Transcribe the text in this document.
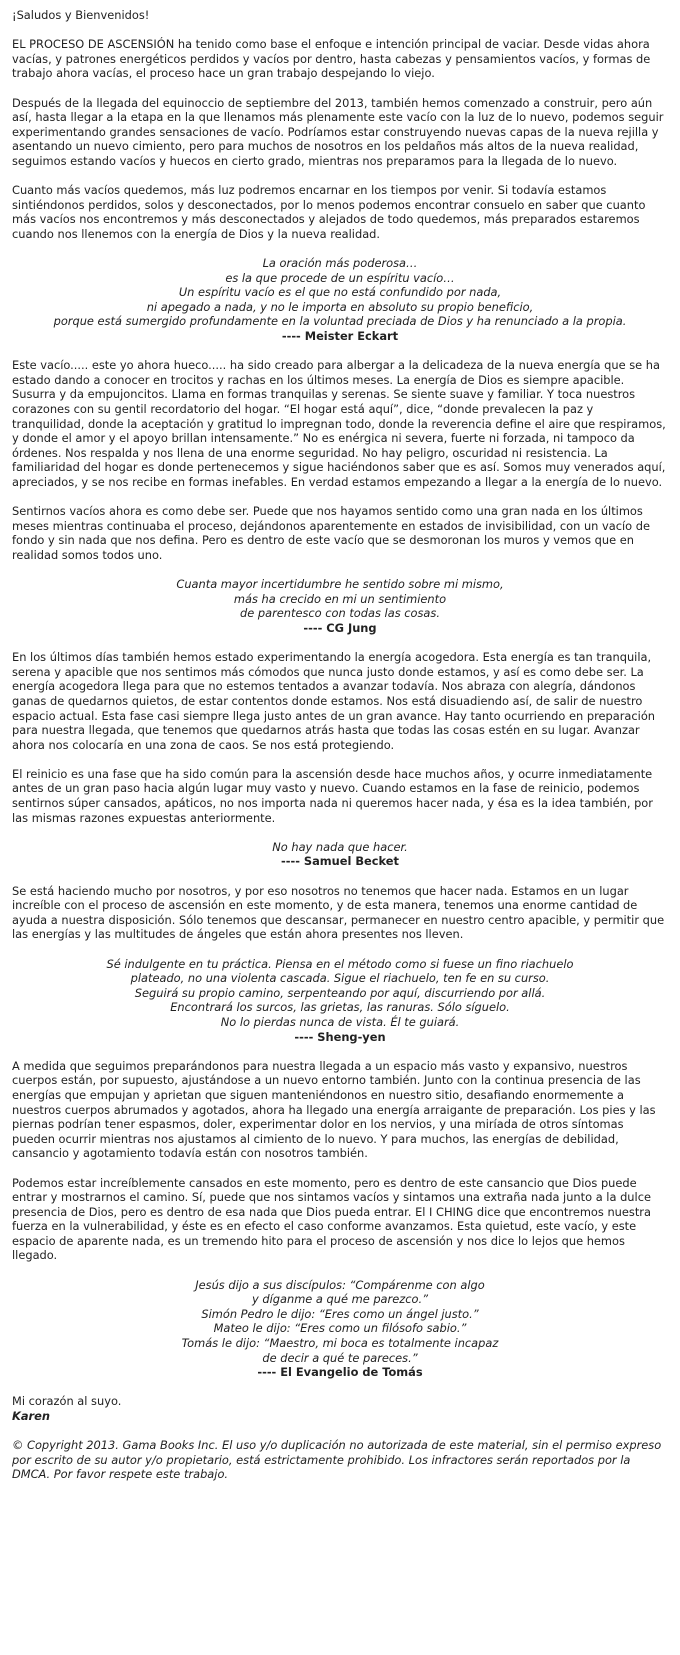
¡Saludos y Bienvenidos!

EL PROCESO DE ASCENSIÓN ha tenido como base el enfoque e intención principal de vaciar. Desde vidas ahora vacías, y patrones energéticos perdidos y vacíos por dentro, hasta cabezas y pensamientos vacíos, y formas de trabajo ahora vacías, el proceso hace un gran trabajo despejando lo viejo.

Después de la llegada del equinoccio de septiembre del 2013, también hemos comenzado a construir, pero aún así, hasta llegar a la etapa en la que llenamos más plenamente este vacío con la luz de lo nuevo, podemos seguir experimentando grandes sensaciones de vacío. Podríamos estar construyendo nuevas capas de la nueva rejilla y asentando un nuevo cimiento, pero para muchos de nosotros en los peldaños más altos de la nueva realidad, seguimos estando vacíos y huecos en cierto grado, mientras nos preparamos para la llegada de lo nuevo.

Cuanto más vacíos quedemos, más luz podremos encarnar en los tiempos por venir. Si todavía estamos sintiéndonos perdidos, solos y desconectados, por lo menos podemos encontrar consuelo en saber que cuanto más vacíos nos encontremos y más desconectados y alejados de todo quedemos, más preparados estaremos cuando nos llenemos con la energía de Dios y la nueva realidad.

La oración más poderosa…
es la que procede de un espíritu vacío…
Un espíritu vacío es el que no está confundido por nada,
ni apegado a nada, y no le importa en absoluto su propio beneficio,
porque está sumergido profundamente en la voluntad preciada de Dios y ha renunciado a la propia.
---- Meister Eckart

Este vacío..... este yo ahora hueco..... ha sido creado para albergar a la delicadeza de la nueva energía que se ha estado dando a conocer en trocitos y rachas en los últimos meses. La energía de Dios es siempre apacible. Susurra y da empujoncitos. Llama en formas tranquilas y serenas. Se siente suave y familiar. Y toca nuestros corazones con su gentil recordatorio del hogar. “El hogar está aquí”, dice, “donde prevalecen la paz y tranquilidad, donde la aceptación y gratitud lo impregnan todo, donde la reverencia define el aire que respiramos, y donde el amor y el apoyo brillan intensamente.” No es enérgica ni severa, fuerte ni forzada, ni tampoco da órdenes. Nos respalda y nos llena de una enorme seguridad. No hay peligro, oscuridad ni resistencia. La familiaridad del hogar es donde pertenecemos y sigue haciéndonos saber que es así. Somos muy venerados aquí, apreciados, y se nos recibe en formas inefables. En verdad estamos empezando a llegar a la energía de lo nuevo.

Sentirnos vacíos ahora es como debe ser. Puede que nos hayamos sentido como una gran nada en los últimos meses mientras continuaba el proceso, dejándonos aparentemente en estados de invisibilidad, con un vacío de fondo y sin nada que nos defina. Pero es dentro de este vacío que se desmoronan los muros y vemos que en realidad somos todos uno.

Cuanta mayor incertidumbre he sentido sobre mi mismo,
más ha crecido en mi un sentimiento
de parentesco con todas las cosas.
---- CG Jung

En los últimos días también hemos estado experimentando la energía acogedora. Esta energía es tan tranquila, serena y apacible que nos sentimos más cómodos que nunca justo donde estamos, y así es como debe ser. La energía acogedora llega para que no estemos tentados a avanzar todavía. Nos abraza con alegría, dándonos ganas de quedarnos quietos, de estar contentos donde estamos. Nos está disuadiendo así, de salir de nuestro espacio actual. Esta fase casi siempre llega justo antes de un gran avance. Hay tanto ocurriendo en preparación para nuestra llegada, que tenemos que quedarnos atrás hasta que todas las cosas estén en su lugar. Avanzar ahora nos colocaría en una zona de caos. Se nos está protegiendo.

El reinicio es una fase que ha sido común para la ascensión desde hace muchos años, y ocurre inmediatamente antes de un gran paso hacia algún lugar muy vasto y nuevo. Cuando estamos en la fase de reinicio, podemos sentirnos súper cansados, apáticos, no nos importa nada ni queremos hacer nada, y ésa es la idea también, por las mismas razones expuestas anteriormente.

No hay nada que hacer.
---- Samuel Becket

Se está haciendo mucho por nosotros, y por eso nosotros no tenemos que hacer nada. Estamos en un lugar increíble con el proceso de ascensión en este momento, y de esta manera, tenemos una enorme cantidad de ayuda a nuestra disposición. Sólo tenemos que descansar, permanecer en nuestro centro apacible, y permitir que las energías y las multitudes de ángeles que están ahora presentes nos lleven.

Sé indulgente en tu práctica. Piensa en el método como si fuese un fino riachuelo
plateado, no una violenta cascada. Sigue el riachuelo, ten fe en su curso.
Seguirá su propio camino, serpenteando por aquí, discurriendo por allá.
Encontrará los surcos, las grietas, las ranuras. Sólo síguelo.
No lo pierdas nunca de vista. Él te guiará.
---- Sheng-yen

A medida que seguimos preparándonos para nuestra llegada a un espacio más vasto y expansivo, nuestros cuerpos están, por supuesto, ajustándose a un nuevo entorno también. Junto con la continua presencia de las energías que empujan y aprietan que siguen manteniéndonos en nuestro sitio, desafiando enormemente a nuestros cuerpos abrumados y agotados, ahora ha llegado una energía arraigante de preparación. Los pies y las piernas podrían tener espasmos, doler, experimentar dolor en los nervios, y una miríada de otros síntomas pueden ocurrir mientras nos ajustamos al cimiento de lo nuevo. Y para muchos, las energías de debilidad, cansancio y agotamiento todavía están con nosotros también.

Podemos estar increíblemente cansados en este momento, pero es dentro de este cansancio que Dios puede entrar y mostrarnos el camino. Sí, puede que nos sintamos vacíos y sintamos una extraña nada junto a la dulce presencia de Dios, pero es dentro de esa nada que Dios pueda entrar. El I CHING dice que encontremos nuestra fuerza en la vulnerabilidad, y éste es en efecto el caso conforme avanzamos. Esta quietud, este vacío, y este espacio de aparente nada, es un tremendo hito para el proceso de ascensión y nos dice lo lejos que hemos llegado.

Jesús dijo a sus discípulos: “Compárenme con algo
y díganme a qué me parezco.”
Simón Pedro le dijo: “Eres como un ángel justo.”
Mateo le dijo: “Eres como un filósofo sabio.”
Tomás le dijo: “Maestro, mi boca es totalmente incapaz
de decir a qué te pareces.”
---- El Evangelio de Tomás
Mi corazón al suyo.
Karen

© Copyright 2013. Gama Books Inc. El uso y/o duplicación no autorizada de este material, sin el permiso expreso por escrito de su autor y/o propietario, está estrictamente prohibido. Los infractores serán reportados por la DMCA. Por favor respete este trabajo.
